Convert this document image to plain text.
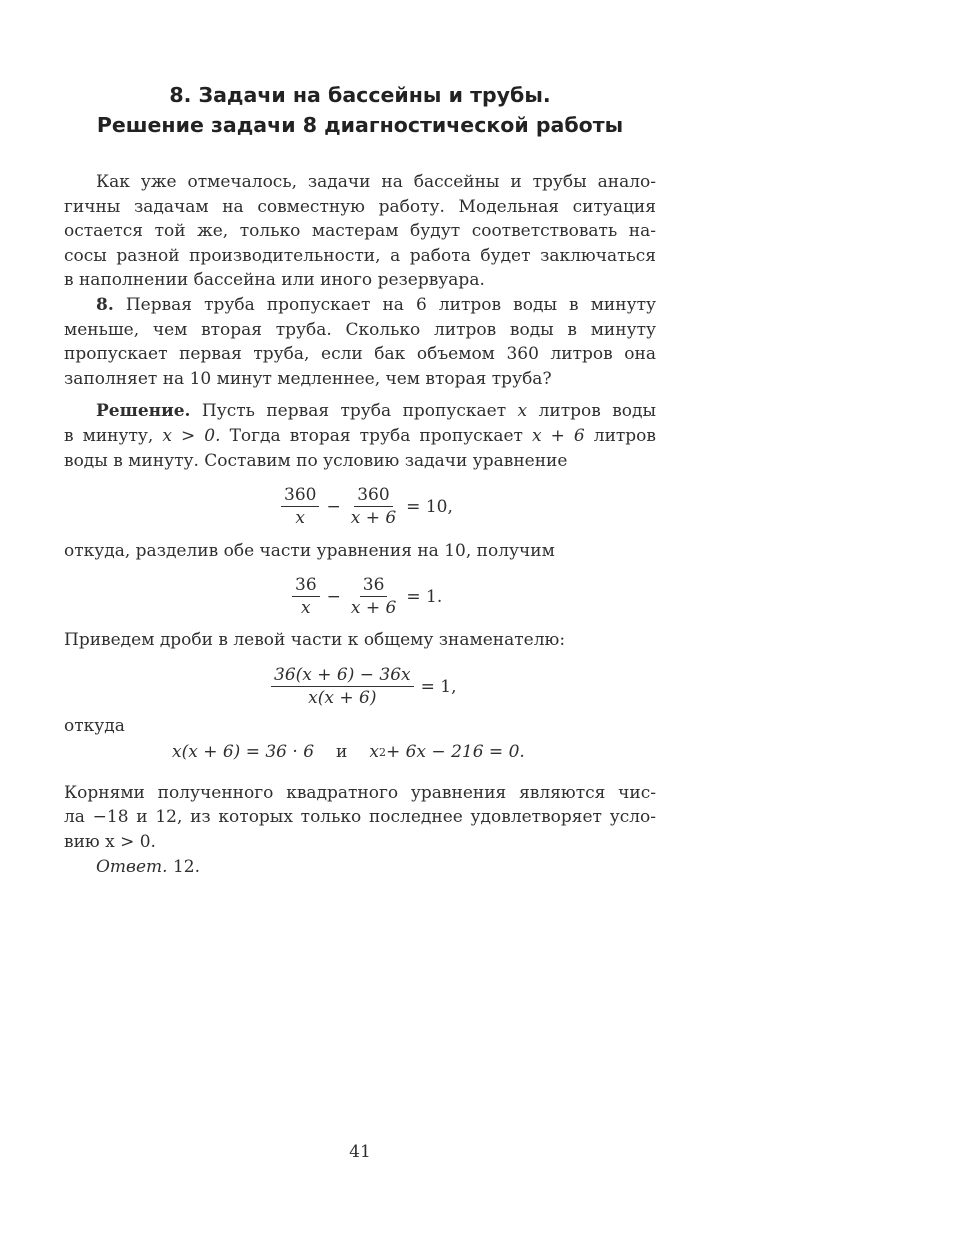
8. Задачи на бассейны и трубы.
Решение задачи 8 диагностической работы
Как уже отмечалось, задачи на бассейны и трубы анало-
гичны задачам на совместную работу. Модельная ситуация
остается той же, только мастерам будут соответствовать на-
сосы разной производительности, а работа будет заключаться
в наполнении бассейна или иного резервуара.
8. Первая труба пропускает на 6 литров воды в минуту
меньше, чем вторая труба. Сколько литров воды в минуту
пропускает первая труба, если бак объемом 360 литров она
заполняет на 10 минут медленнее, чем вторая труба?
Решение. Пусть первая труба пропускает x литров воды
в минуту, x > 0. Тогда вторая труба пропускает x + 6 литров
воды в минуту. Составим по условию задачи уравнение
$\frac{360}{x} - \frac{360}{x + 6} = 10$,
откуда, разделив обе части уравнения на 10, получим
$\frac{36}{x} - \frac{36}{x + 6} = 1$.
Приведем дроби в левой части к общему знаменателю:
$\frac{36(x + 6) - 36x}{x(x + 6)} = 1$,
откуда
x(x + 6) = 36 · 6 и x 2 + 6x − 216 = 0.
Корнями полученного квадратного уравнения являются чис-
ла −18 и 12, из которых только последнее удовлетворяет усло-
вию x > 0.
Ответ. 12.
41
